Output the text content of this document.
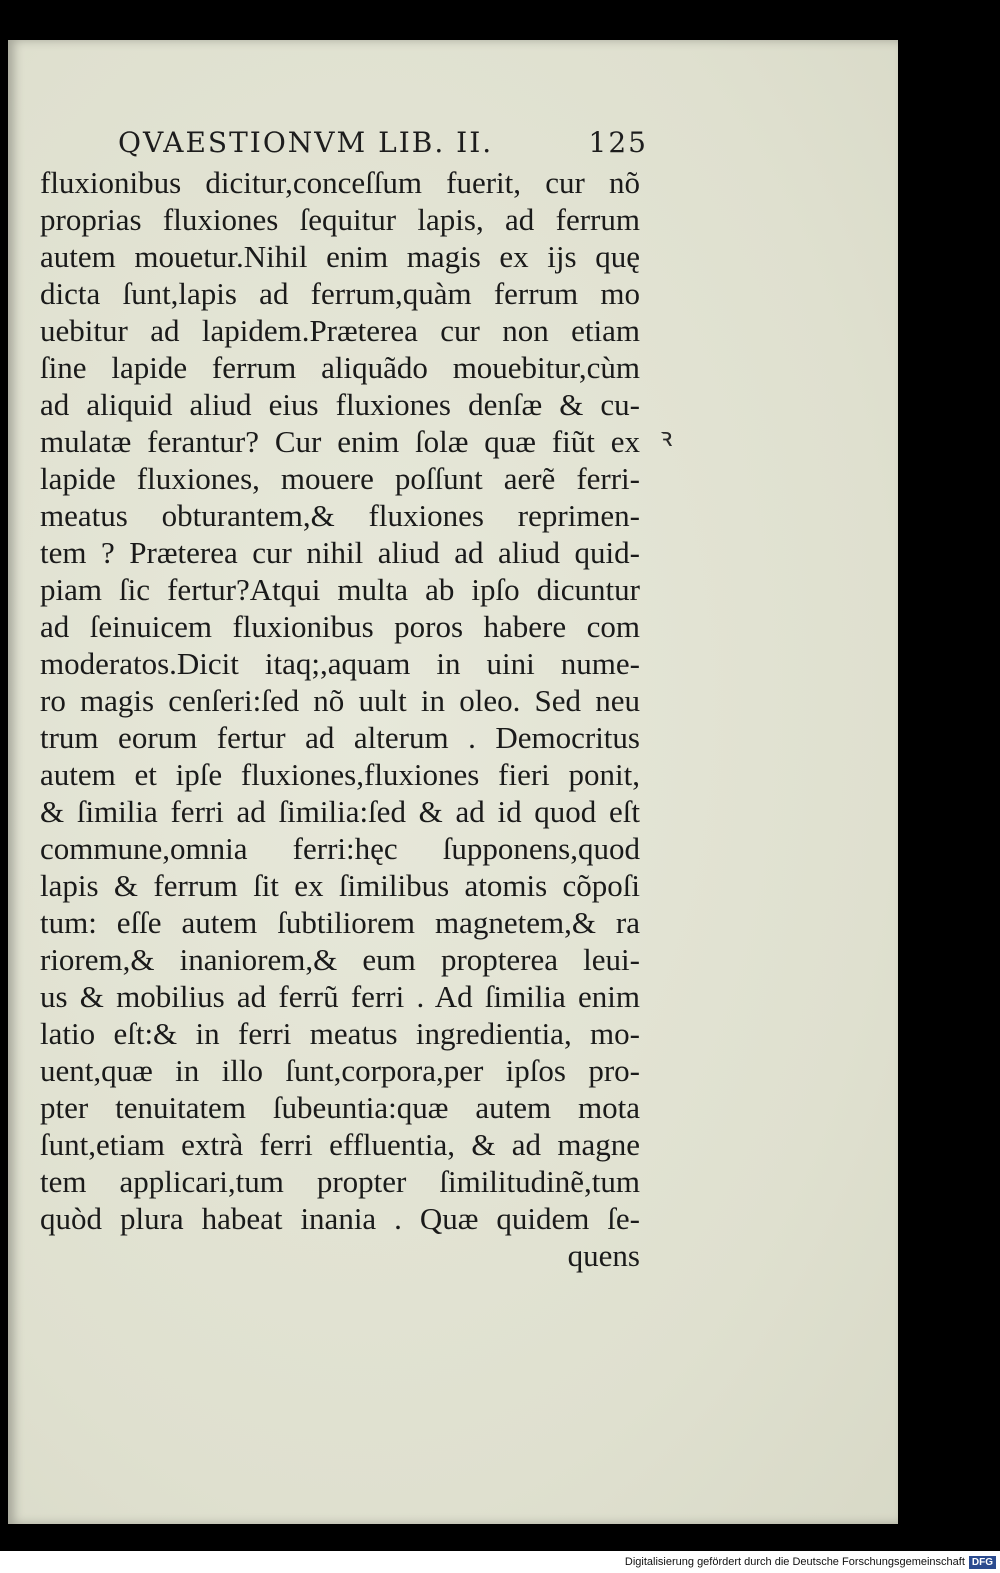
QVAESTIONVM LIB. II.	125
fluxionibus dicitur,conceſſum fuerit, cur nõ
proprias fluxiones ſequitur lapis, ad ferrum
autem mouetur.Nihil enim magis ex ijs quę
dicta ſunt,lapis ad ferrum,quàm ferrum mo
uebitur ad lapidem.Præterea cur non etiam
ſine lapide ferrum aliquãdo mouebitur,cùm
ad aliquid aliud eius fluxiones denſæ & cu-
mulatæ ferantur? Cur enim ſolæ quæ fiũt ex
lapide fluxiones, mouere poſſunt aerẽ ferri-
meatus obturantem,& fluxiones reprimen-
tem ? Præterea cur nihil aliud ad aliud quid-
piam ſic fertur?Atqui multa ab ipſo dicuntur
ad ſeinuicem fluxionibus poros habere com
moderatos.Dicit itaq;,aquam in uini nume-
ro magis cenſeri:ſed nõ uult in oleo. Sed neu
trum eorum fertur ad alterum . Democritus
autem et ipſe fluxiones,fluxiones fieri ponit,
& ſimilia ferri ad ſimilia:ſed & ad id quod eſt
commune,omnia ferri:hęc ſupponens,quod
lapis & ferrum ſit ex ſimilibus atomis cõpoſi
tum: eſſe autem ſubtiliorem magnetem,& ra
riorem,& inaniorem,& eum propterea leui-
us & mobilius ad ferrũ ferri . Ad ſimilia enim
latio eſt:& in ferri meatus ingredientia, mo-
uent,quæ in illo ſunt,corpora,per ipſos pro-
pter tenuitatem ſubeuntia:quæ autem mota
ſunt,etiam extrà ferri effluentia, & ad magne
tem applicari,tum propter ſimilitudinẽ,tum
quòd plura habeat inania . Quæ quidem ſe-
quens
ꝛ
Digitalisierung gefördert durch die Deutsche Forschungsgemeinschaft DFG
